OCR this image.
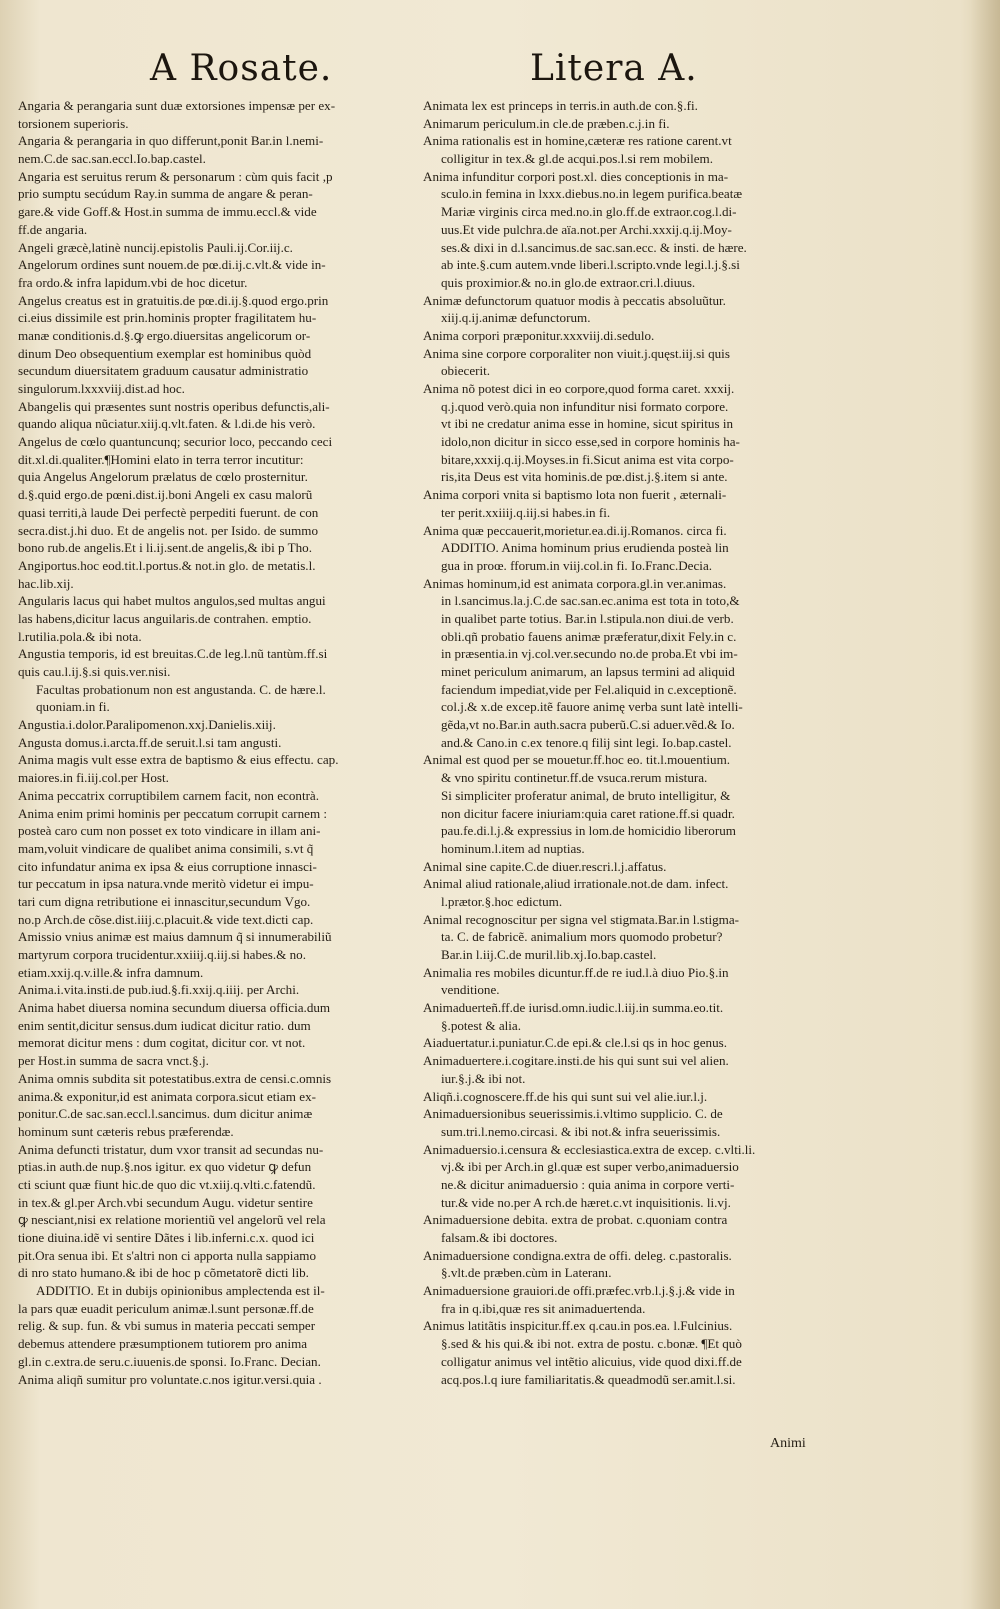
A Rosate.	Litera A.
Angaria & perangaria sunt duæ extorsiones impensæ per ex-
torsionem superioris.
Angaria & perangaria in quo differunt,ponit Bar.in l.nemi-
nem.C.de sac.san.eccl.Io.bap.castel.
Angaria est seruitus rerum & personarum : cùm quis facit ,p
prio sumptu secúdum Ray.in summa de angare & peran-
gare.& vide Goff.& Host.in summa de immu.eccl.& vide
ff.de angaria.
Angeli græcè,latinè nuncij.epistolis Pauli.ij.Cor.iij.c.
Angelorum ordines sunt nouem.de pœ.di.ij.c.vlt.& vide in-
fra ordo.& infra lapidum.vbi de hoc dicetur.
Angelus creatus est in gratuitis.de pœ.di.ij.§.quod ergo.prin
ci.eius dissimile est prin.hominis propter fragilitatem hu-
manæ conditionis.d.§.ꝙ ergo.diuersitas angelicorum or-
dinum Deo obsequentium exemplar est hominibus quòd
secundum diuersitatem graduum causatur administratio
singulorum.lxxxviij.dist.ad hoc.
Abangelis qui præsentes sunt nostris operibus defunctis,ali-
quando aliqua nũciatur.xiij.q.vlt.faten. & l.di.de his verò.
Angelus de cœlo quantuncunq; securior loco, peccando ceci
dit.xl.di.qualiter.¶Homini elato in terra terror incutitur:
quia Angelus Angelorum prælatus de cœlo prosternitur.
d.§.quid ergo.de pœni.dist.ij.boni Angeli ex casu malorũ
quasi territi,à laude Dei perfectè perpediti fuerunt. de con
secra.dist.j.hi duo. Et de angelis not. per Isido. de summo
bono rub.de angelis.Et i li.ij.sent.de angelis,& ibi p Tho.
Angiportus.hoc eod.tit.l.portus.& not.in glo. de metatis.l.
hac.lib.xij.
Angularis lacus qui habet multos angulos,sed multas angui
las habens,dicitur lacus anguilaris.de contrahen. emptio.
l.rutilia.pola.& ibi nota.
Angustia temporis, id est breuitas.C.de leg.l.nũ tantùm.ff.si
quis cau.l.ij.§.si quis.ver.nisi.
Facultas probationum non est angustanda. C. de hære.l.
quoniam.in fi.
Angustia.i.dolor.Paralipomenon.xxj.Danielis.xiij.
Angusta domus.i.arcta.ff.de seruit.l.si tam angusti.
Anima magis vult esse extra de baptismo & eius effectu. cap.
maiores.in fi.iij.col.per Host.
Anima peccatrix corruptibilem carnem facit, non econtrà.
Anima enim primi hominis per peccatum corrupit carnem :
posteà caro cum non posset ex toto vindicare in illam ani-
mam,voluit vindicare de qualibet anima consimili, s.vt q̃
cito infundatur anima ex ipsa & eius corruptione innasci-
tur peccatum in ipsa natura.vnde meritò videtur ei impu-
tari cum digna retributione ei innascitur,secundum Vgo.
no.p Arch.de cõse.dist.iiij.c.placuit.& vide text.dicti cap.
Amissio vnius animæ est maius damnum q̃ si innumerabiliũ
martyrum corpora trucidentur.xxiiij.q.iij.si habes.& no.
etiam.xxij.q.v.ille.& infra damnum.
Anima.i.vita.insti.de pub.iud.§.fi.xxij.q.iiij. per Archi.
Anima habet diuersa nomina secundum diuersa officia.dum
enim sentit,dicitur sensus.dum iudicat dicitur ratio. dum
memorat dicitur mens : dum cogitat, dicitur cor. vt not.
per Host.in summa de sacra vnct.§.j.
Anima omnis subdita sit potestatibus.extra de censi.c.omnis
anima.& exponitur,id est animata corpora.sicut etiam ex-
ponitur.C.de sac.san.eccl.l.sancimus. dum dicitur animæ
hominum sunt cæteris rebus præferendæ.
Anima defuncti tristatur, dum vxor transit ad secundas nu-
ptias.in auth.de nup.§.nos igitur. ex quo videtur ꝙ defun
cti sciunt quæ fiunt hic.de quo dic vt.xiij.q.vlti.c.fatendũ.
in tex.& gl.per Arch.vbi secundum Augu. videtur sentire
ꝙ nesciant,nisi ex relatione morientiũ vel angelorũ vel rela
tione diuina.idẽ vi sentire Dãtes i lib.inferni.c.x. quod ici
pit.Ora senua ibi. Et s'altri non ci apporta nulla sappiamo
di nro stato humano.& ibi de hoc p cõmetatorẽ dicti lib.
ADDITIO. Et in dubijs opinionibus amplectenda est il-
la pars quæ euadit periculum animæ.l.sunt personæ.ff.de
relig. & sup. fun. & vbi sumus in materia peccati semper
debemus attendere præsumptionem tutiorem pro anima
gl.in c.extra.de seru.c.iuuenis.de sponsi. Io.Franc. Decian.
Anima aliqñ sumitur pro voluntate.c.nos igitur.versi.quia .
Animata lex est princeps in terris.in auth.de con.§.fi.
Animarum periculum.in cle.de præben.c.j.in fi.
Anima rationalis est in homine,cæteræ res ratione carent.vt
colligitur in tex.& gl.de acqui.pos.l.si rem mobilem.
Anima infunditur corpori post.xl. dies conceptionis in ma-
sculo.in femina in lxxx.diebus.no.in legem purifica.beatæ
Mariæ virginis circa med.no.in glo.ff.de extraor.cog.l.di-
uus.Et vide pulchra.de aïa.not.per Archi.xxxij.q.ij.Moy-
ses.& dixi in d.l.sancimus.de sac.san.ecc. & insti. de hære.
ab inte.§.cum autem.vnde liberi.l.scripto.vnde legi.l.j.§.si
quis proximior.& no.in glo.de extraor.cri.l.diuus.
Animæ defunctorum quatuor modis à peccatis absoluũtur.
xiij.q.ij.animæ defunctorum.
Anima corpori præponitur.xxxviij.di.sedulo.
Anima sine corpore corporaliter non viuit.j.quęst.iij.si quis
obiecerit.
Anima nõ potest dici in eo corpore,quod forma caret. xxxij.
q.j.quod verò.quia non infunditur nisi formato corpore.
vt ibi ne credatur anima esse in homine, sicut spiritus in
idolo,non dicitur in sicco esse,sed in corpore hominis ha-
bitare,xxxij.q.ij.Moyses.in fi.Sicut anima est vita corpo-
ris,ita Deus est vita hominis.de pœ.dist.j.§.item si ante.
Anima corpori vnita si baptismo lota non fuerit , æternali-
ter perit.xxiiij.q.iij.si habes.in fi.
Anima quæ peccauerit,morietur.ea.di.ij.Romanos. circa fi.
ADDITIO. Anima hominum prius erudienda posteà lin
gua in proœ. fforum.in viij.col.in fi. Io.Franc.Decia.
Animas hominum,id est animata corpora.gl.in ver.animas.
in l.sancimus.la.j.C.de sac.san.ec.anima est tota in toto,&
in qualibet parte totius. Bar.in l.stipula.non diui.de verb.
obli.qñ probatio fauens animæ præferatur,dixit Fely.in c.
in præsentia.in vj.col.ver.secundo no.de proba.Et vbi im-
minet periculum animarum, an lapsus termini ad aliquid
faciendum impediat,vide per Fel.aliquid in c.exceptionẽ.
col.j.& x.de excep.itẽ fauore animę verba sunt latè intelli-
gẽda,vt no.Bar.in auth.sacra puberũ.C.si aduer.vẽd.& Io.
and.& Cano.in c.ex tenore.q filij sint legi. Io.bap.castel.
Animal est quod per se mouetur.ff.hoc eo. tit.l.mouentium.
& vno spiritu continetur.ff.de vsuca.rerum mistura.
Si simpliciter proferatur animal, de bruto intelligitur, &
non dicitur facere iniuriam:quia caret ratione.ff.si quadr.
pau.fe.di.l.j.& expressius in lom.de homicidio liberorum
hominum.l.item ad nuptias.
Animal sine capite.C.de diuer.rescri.l.j.affatus.
Animal aliud rationale,aliud irrationale.not.de dam. infect.
l.prætor.§.hoc edictum.
Animal recognoscitur per signa vel stigmata.Bar.in l.stigma-
ta. C. de fabricẽ. animalium mors quomodo probetur?
Bar.in l.iij.C.de muril.lib.xj.Io.bap.castel.
Animalia res mobiles dicuntur.ff.de re iud.l.à diuo Pio.§.in
venditione.
Animaduerteñ.ff.de iurisd.omn.iudic.l.iij.in summa.eo.tit.
§.potest & alia.
Aiaduertatur.i.puniatur.C.de epi.& cle.l.si qs in hoc genus.
Animaduertere.i.cogitare.insti.de his qui sunt sui vel alien.
iur.§.j.& ibi not.
Aliqñ.i.cognoscere.ff.de his qui sunt sui vel alie.iur.l.j.
Animaduersionibus seuerissimis.i.vltimo supplicio. C. de
sum.tri.l.nemo.circasi. & ibi not.& infra seuerissimis.
Animaduersio.i.censura & ecclesiastica.extra de excep. c.vlti.li.
vj.& ibi per Arch.in gl.quæ est super verbo,animaduersio
ne.& dicitur animaduersio : quia anima in corpore verti-
tur.& vide no.per A rch.de hæret.c.vt inquisitionis. li.vj.
Animaduersione debita. extra de probat. c.quoniam contra
falsam.& ibi doctores.
Animaduersione condigna.extra de offi. deleg. c.pastoralis.
§.vlt.de præben.cùm in Lateranı.
Animaduersione grauiori.de offi.præfec.vrb.l.j.§.j.& vide in
fra in q.ibi,quæ res sit animaduertenda.
Animus latitãtis inspicitur.ff.ex q.cau.in pos.ea. l.Fulcinius.
§.sed & his qui.& ibi not. extra de postu. c.bonæ. ¶Et quò
colligatur animus vel intẽtio alicuius, vide quod dixi.ff.de
acq.pos.l.q iure familiaritatis.& queadmodũ ser.amit.l.si.
Animi
